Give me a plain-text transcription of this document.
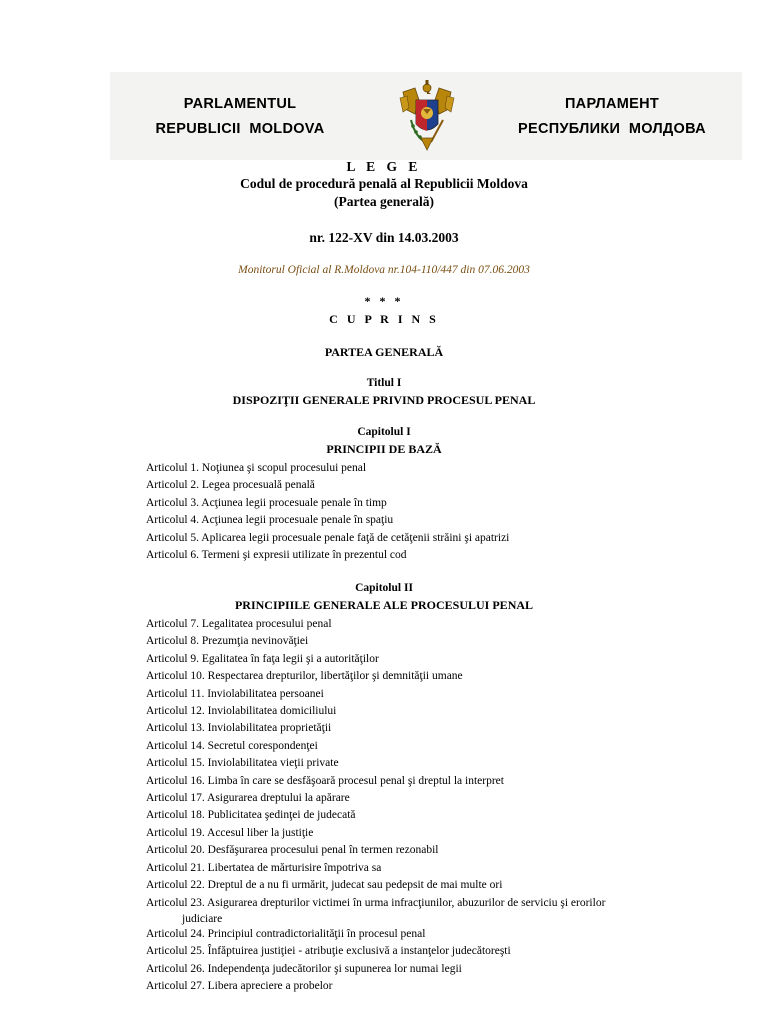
PARLAMENTUL
REPUBLICII  MOLDOVA
ПАРЛАМЕНТ
РЕСПУБЛИКИ  МОЛДОВА
L E G E
Codul de procedură penală al Republicii Moldova
(Partea generală)
nr. 122-XV din 14.03.2003
Monitorul Oficial al R.Moldova nr.104-110/447 din 07.06.2003
* * *
C U P R I N S
PARTEA GENERALĂ
Titlul I
DISPOZIŢII GENERALE PRIVIND PROCESUL PENAL
Capitolul I
PRINCIPII DE BAZĂ
Articolul 1. Noţiunea şi scopul procesului penal
Articolul 2. Legea procesuală penală
Articolul 3. Acţiunea legii procesuale penale în timp
Articolul 4. Acţiunea legii procesuale penale în spaţiu
Articolul 5. Aplicarea legii procesuale penale faţă de cetăţenii străini şi apatrizi
Articolul 6. Termeni şi expresii utilizate în prezentul cod
Capitolul II
PRINCIPIILE GENERALE ALE PROCESULUI PENAL
Articolul 7. Legalitatea procesului penal
Articolul 8. Prezumţia nevinovăţiei
Articolul 9. Egalitatea în faţa legii şi a autorităţilor
Articolul 10. Respectarea drepturilor, libertăţilor şi demnităţii umane
Articolul 11. Inviolabilitatea persoanei
Articolul 12. Inviolabilitatea domiciliului
Articolul 13. Inviolabilitatea proprietăţii
Articolul 14. Secretul corespondenţei
Articolul 15. Inviolabilitatea vieţii private
Articolul 16. Limba în care se desfăşoară procesul penal şi dreptul la interpret
Articolul 17. Asigurarea dreptului la apărare
Articolul 18. Publicitatea şedinţei de judecată
Articolul 19. Accesul liber la justiţie
Articolul 20. Desfăşurarea procesului penal în termen rezonabil
Articolul 21. Libertatea de mărturisire împotriva sa
Articolul 22. Dreptul de a nu fi urmărit, judecat sau pedepsit de mai multe ori
Articolul 23. Asigurarea drepturilor victimei în urma infracţiunilor, abuzurilor de serviciu şi erorilor
judiciare
Articolul 24. Principiul contradictorialităţii în procesul penal
Articolul 25. Înfăptuirea justiţiei - atribuţie exclusivă a instanţelor judecătoreşti
Articolul 26. Independenţa judecătorilor şi supunerea lor numai legii
Articolul 27. Libera apreciere a probelor
